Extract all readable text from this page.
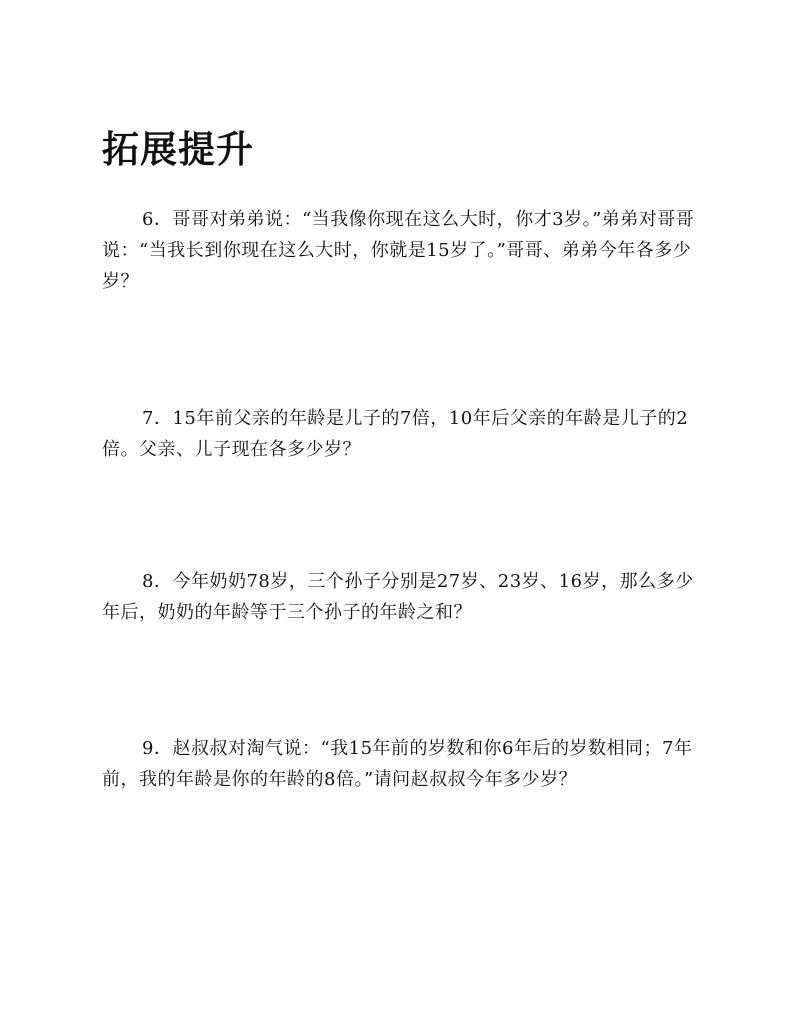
拓展提升

6．哥哥对弟弟说：“当我像你现在这么大时，你才3岁。”弟弟对哥哥说：“当我长到你现在这么大时，你就是15岁了。”哥哥、弟弟今年各多少岁？

7．15年前父亲的年龄是儿子的7倍，10年后父亲的年龄是儿子的2倍。父亲、儿子现在各多少岁？

8．今年奶奶78岁，三个孙子分别是27岁、23岁、16岁，那么多少年后，奶奶的年龄等于三个孙子的年龄之和？

9．赵叔叔对淘气说：“我15年前的岁数和你6年后的岁数相同；7年前，我的年龄是你的年龄的8倍。”请问赵叔叔今年多少岁？
